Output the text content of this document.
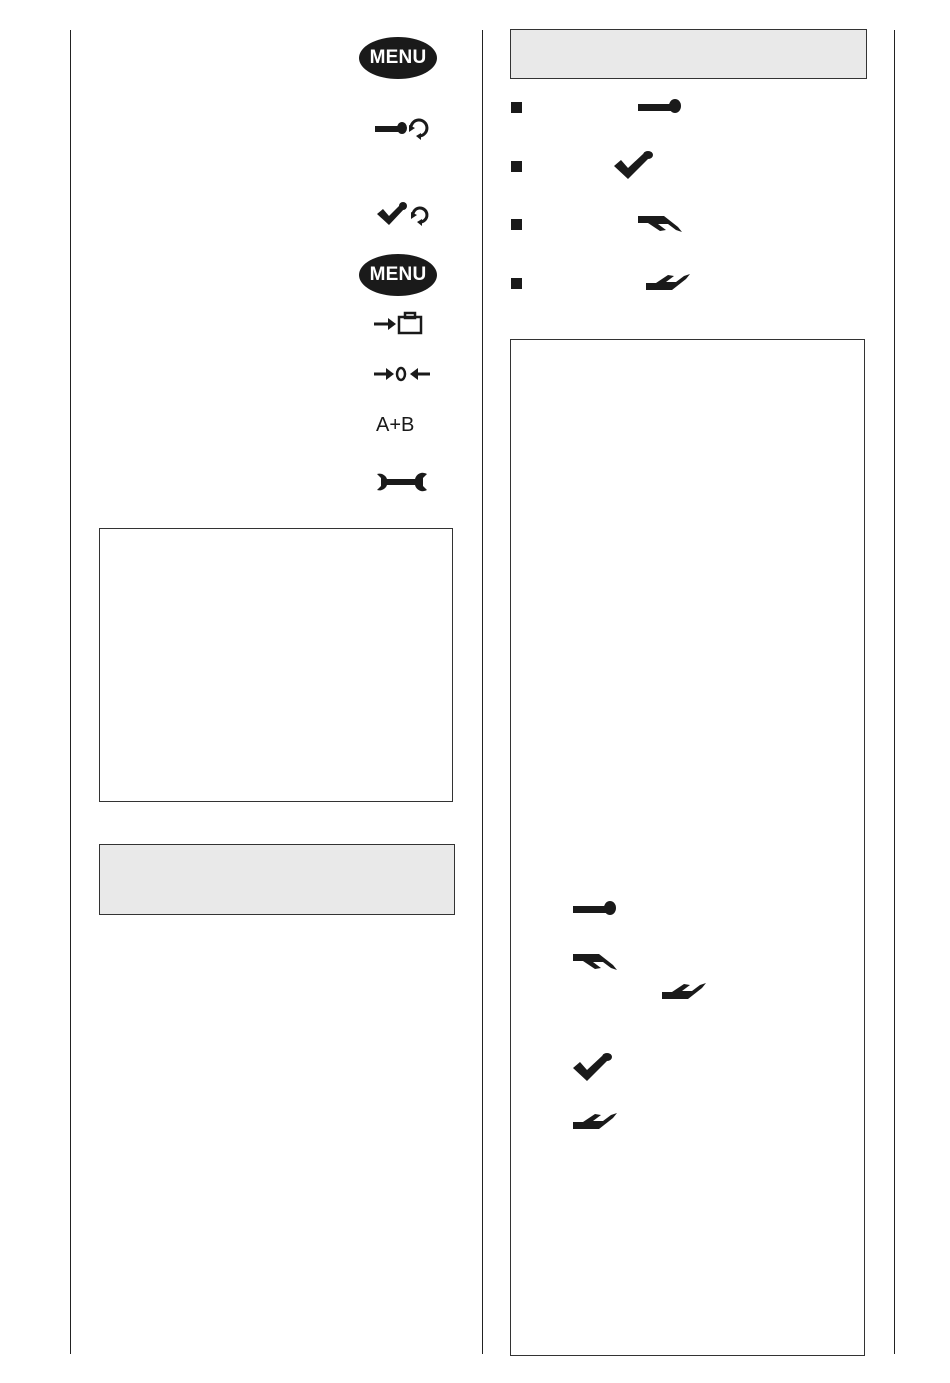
MENU
MENU
A+B
